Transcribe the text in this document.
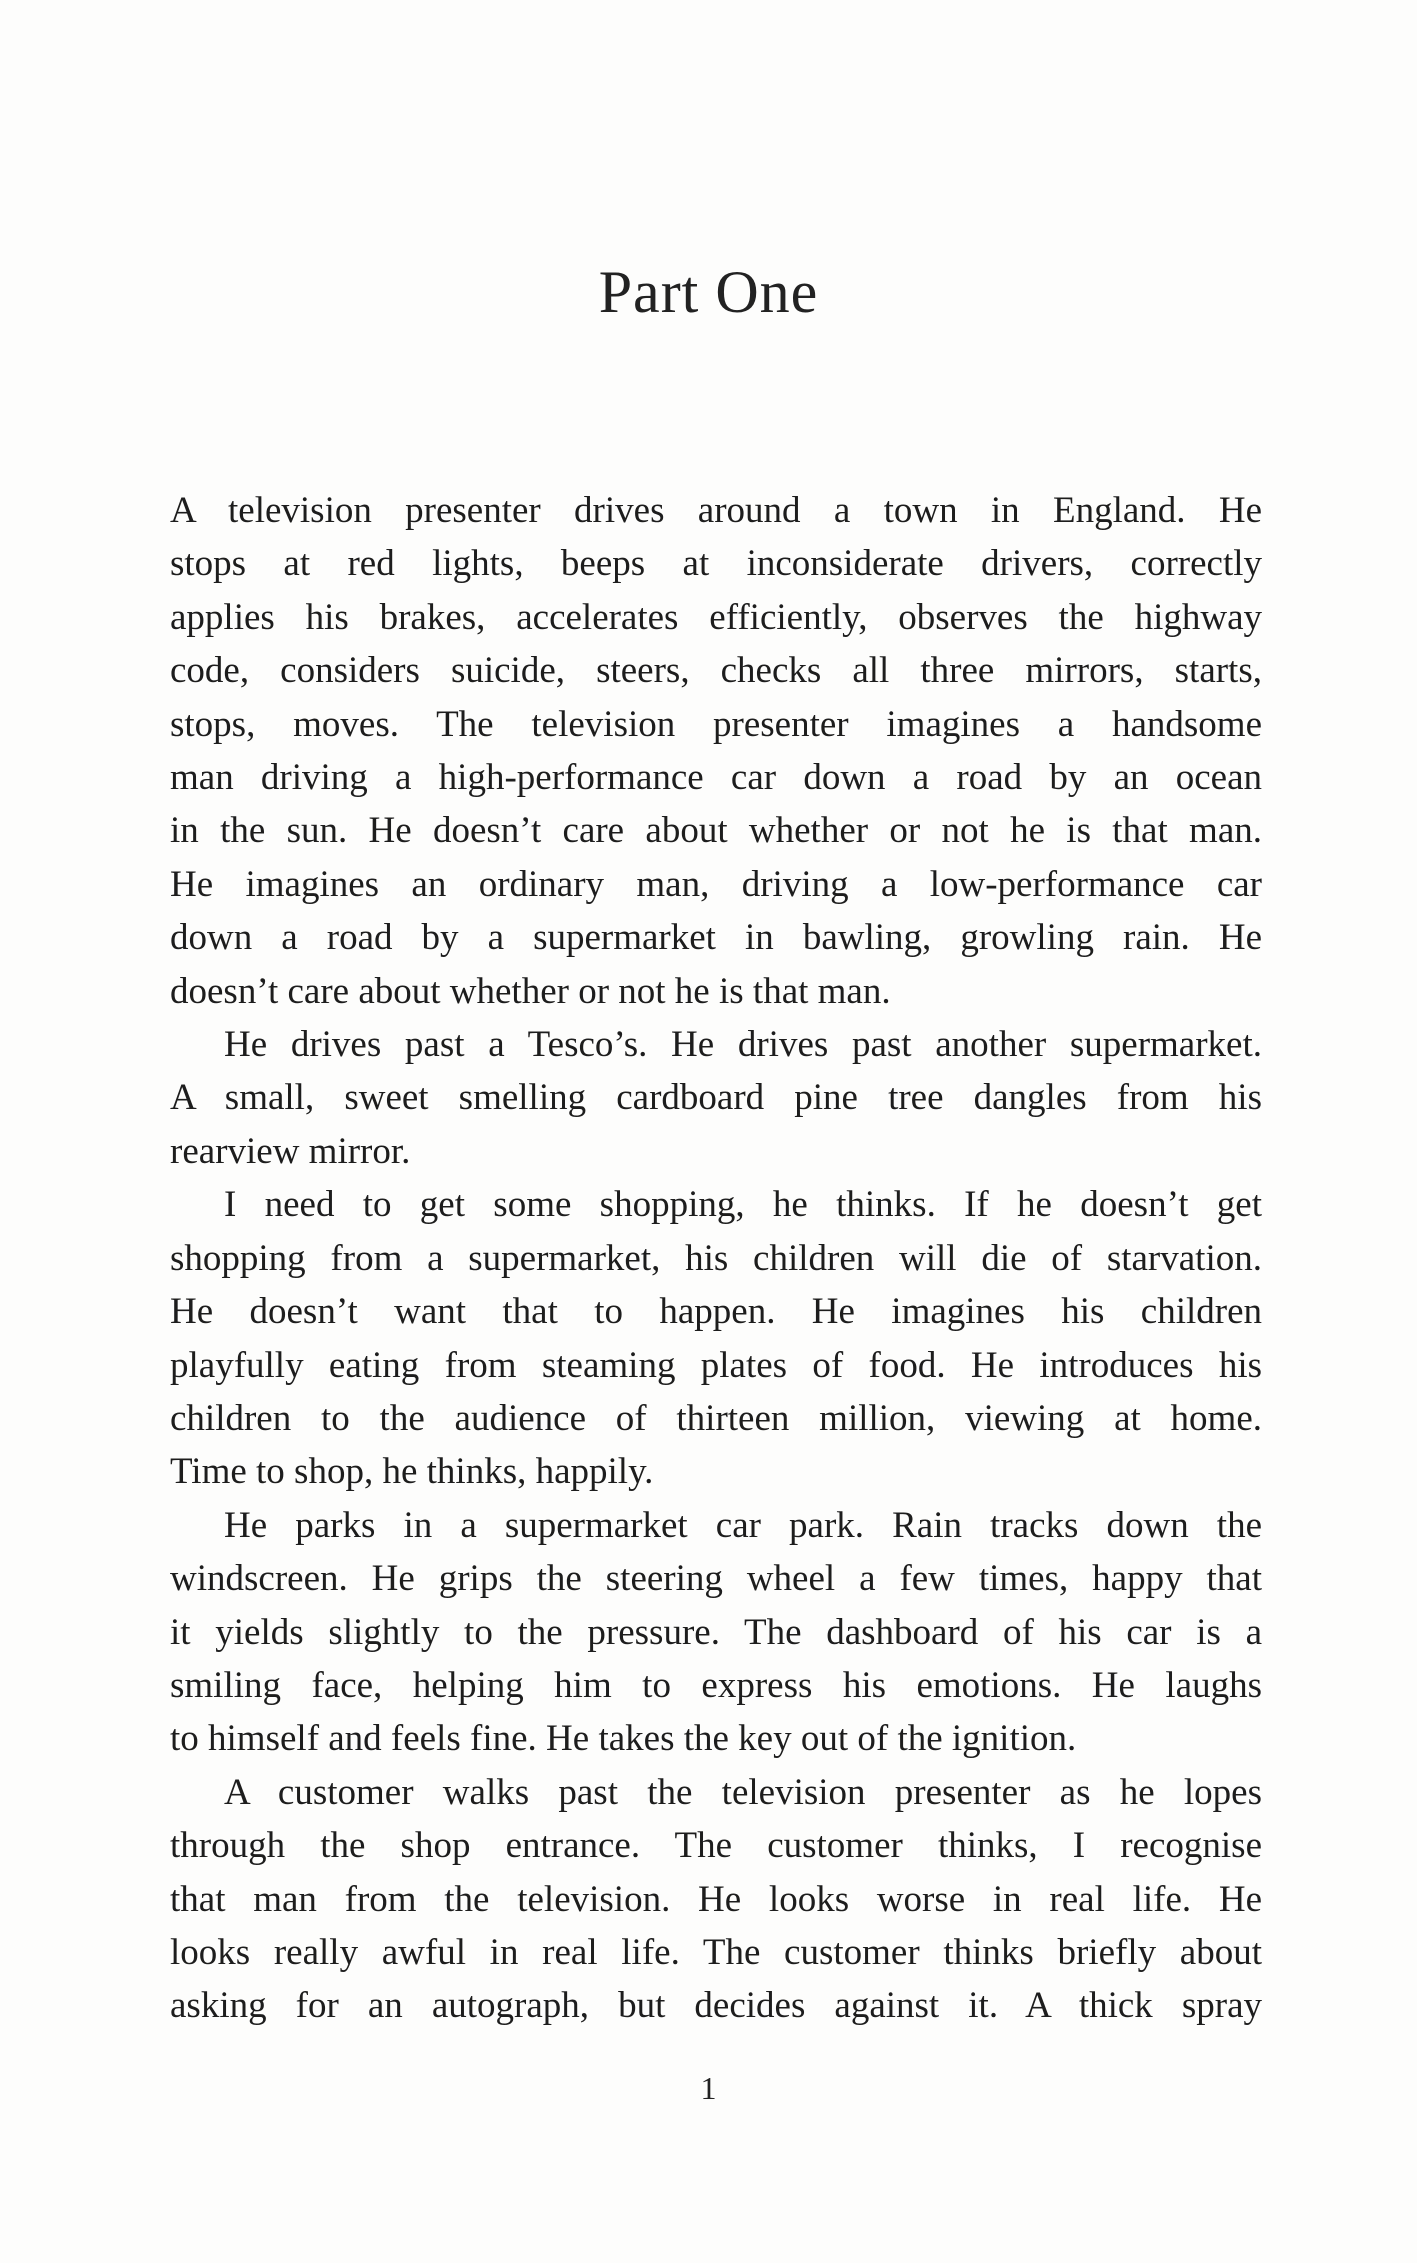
Part One

A television presenter drives around a town in England. He
stops at red lights, beeps at inconsiderate drivers, correctly
applies his brakes, accelerates efficiently, observes the highway
code, considers suicide, steers, checks all three mirrors, starts,
stops, moves. The television presenter imagines a handsome
man driving a high-performance car down a road by an ocean
in the sun. He doesn’t care about whether or not he is that man.
He imagines an ordinary man, driving a low-performance car
down a road by a supermarket in bawling, growling rain. He
doesn’t care about whether or not he is that man.

He drives past a Tesco’s. He drives past another supermarket.
A small, sweet smelling cardboard pine tree dangles from his
rearview mirror.

I need to get some shopping, he thinks. If he doesn’t get
shopping from a supermarket, his children will die of starvation.
He doesn’t want that to happen. He imagines his children
playfully eating from steaming plates of food. He introduces his
children to the audience of thirteen million, viewing at home.
Time to shop, he thinks, happily.

He parks in a supermarket car park. Rain tracks down the
windscreen. He grips the steering wheel a few times, happy that
it yields slightly to the pressure. The dashboard of his car is a
smiling face, helping him to express his emotions. He laughs
to himself and feels fine. He takes the key out of the ignition.

A customer walks past the television presenter as he lopes
through the shop entrance. The customer thinks, I recognise
that man from the television. He looks worse in real life. He
looks really awful in real life. The customer thinks briefly about
asking for an autograph, but decides against it. A thick spray

1
